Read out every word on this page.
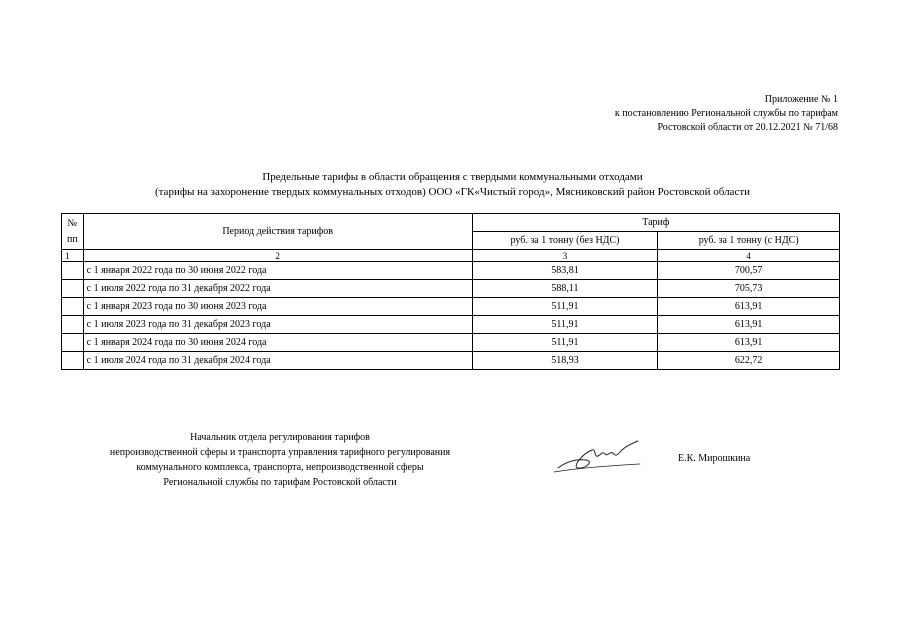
Приложение № 1
к постановлению Региональной службы по тарифам
Ростовской области от 20.12.2021 № 71/68
Предельные тарифы в области обращения с твердыми коммунальными отходами
(тарифы на захоронение твердых коммунальных отходов) ООО «ГК«Чистый город», Мясниковский район Ростовской области
№
пп	Период действия тарифов	Тариф	
		руб. за 1 тонну (без НДС)	руб. за 1 тонну (с НДС)
1	2	3	4
	с 1 января 2022 года по 30 июня 2022 года	583,81	700,57
	с 1 июля 2022 года по 31 декабря 2022 года	588,11	705,73
	с 1 января 2023 года по 30 июня 2023 года	511,91	613,91
	с 1 июля 2023 года по 31 декабря 2023 года	511,91	613,91
	с 1 января 2024 года по 30 июня 2024 года	511,91	613,91
	с 1 июля 2024 года по 31 декабря 2024 года	518,93	622,72
Начальник отдела регулирования тарифов
непроизводственной сферы и транспорта управления тарифного регулирования
коммунального комплекса, транспорта, непроизводственной сферы
Региональной службы по тарифам Ростовской области
Е.К. Мирошкина
